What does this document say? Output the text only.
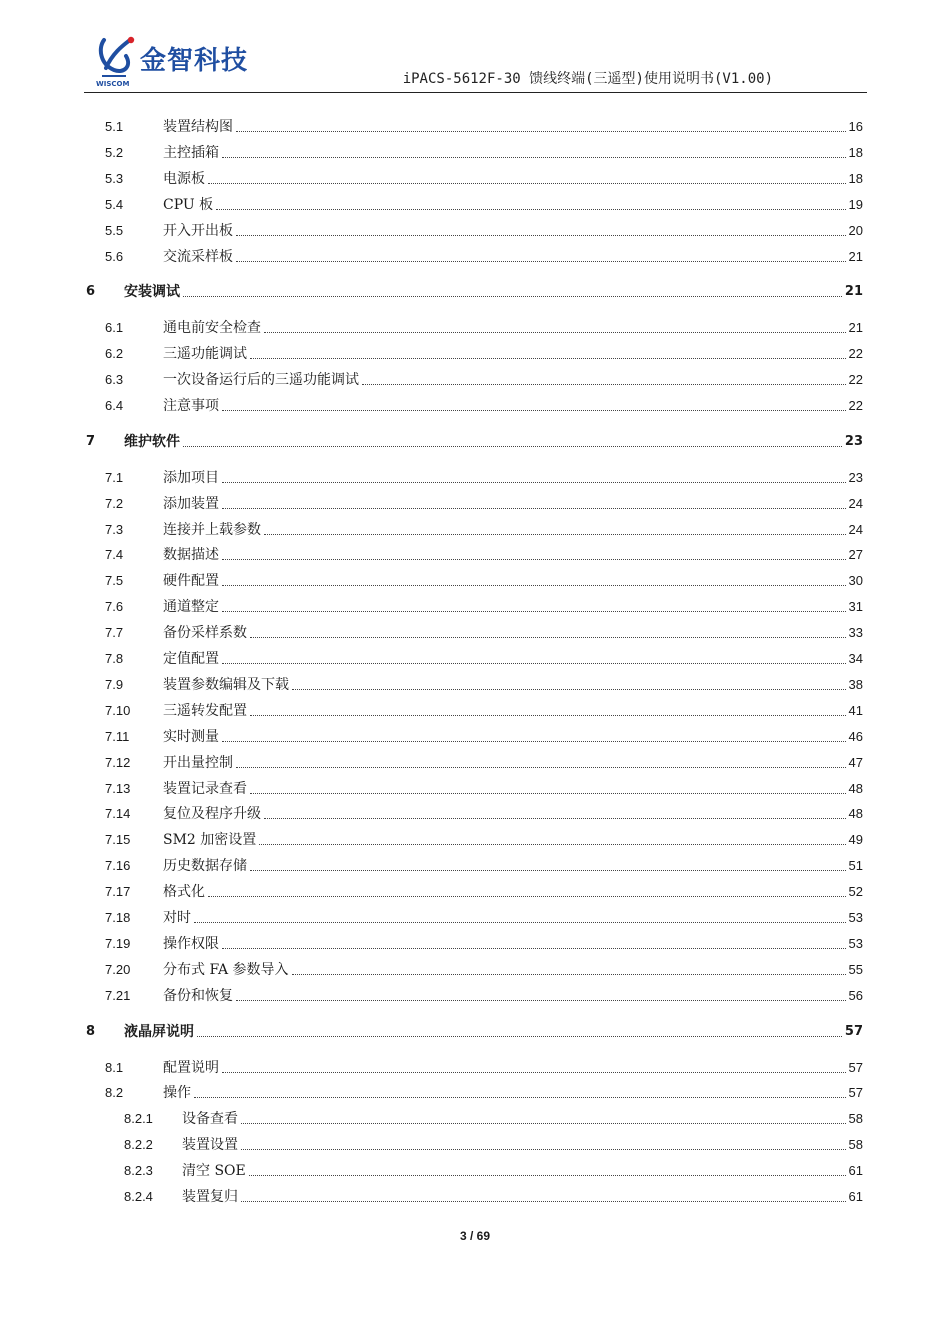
金智科技
WISCOM	iPACS-5612F-30 馈线终端(三遥型)使用说明书(V1.00)
5.1	装置结构图	16
5.2	主控插箱	18
5.3	电源板	18
5.4	CPU 板	19
5.5	开入开出板	20
5.6	交流采样板	21
6 安装调试	21
6.1	通电前安全检查	21
6.2	三遥功能调试	22
6.3	一次设备运行后的三遥功能调试	22
6.4	注意事项	22
7 维护软件	23
7.1	添加项目	23
7.2	添加装置	24
7.3	连接并上载参数	24
7.4	数据描述	27
7.5	硬件配置	30
7.6	通道整定	31
7.7	备份采样系数	33
7.8	定值配置	34
7.9	装置参数编辑及下载	38
7.10 三遥转发配置	41
7.11 实时测量	46
7.12 开出量控制	47
7.13 装置记录查看	48
7.14 复位及程序升级	48
7.15 SM2 加密设置	49
7.16 历史数据存储	51
7.17 格式化	52
7.18 对时	53
7.19 操作权限	53
7.20 分布式 FA 参数导入	55
7.21 备份和恢复	56
8 液晶屏说明	57
8.1	配置说明	57
8.2	操作	57
8.2.1 设备查看	58
8.2.2 装置设置	58
8.2.3 清空 SOE	61
8.2.4 装置复归	61
3 / 69
